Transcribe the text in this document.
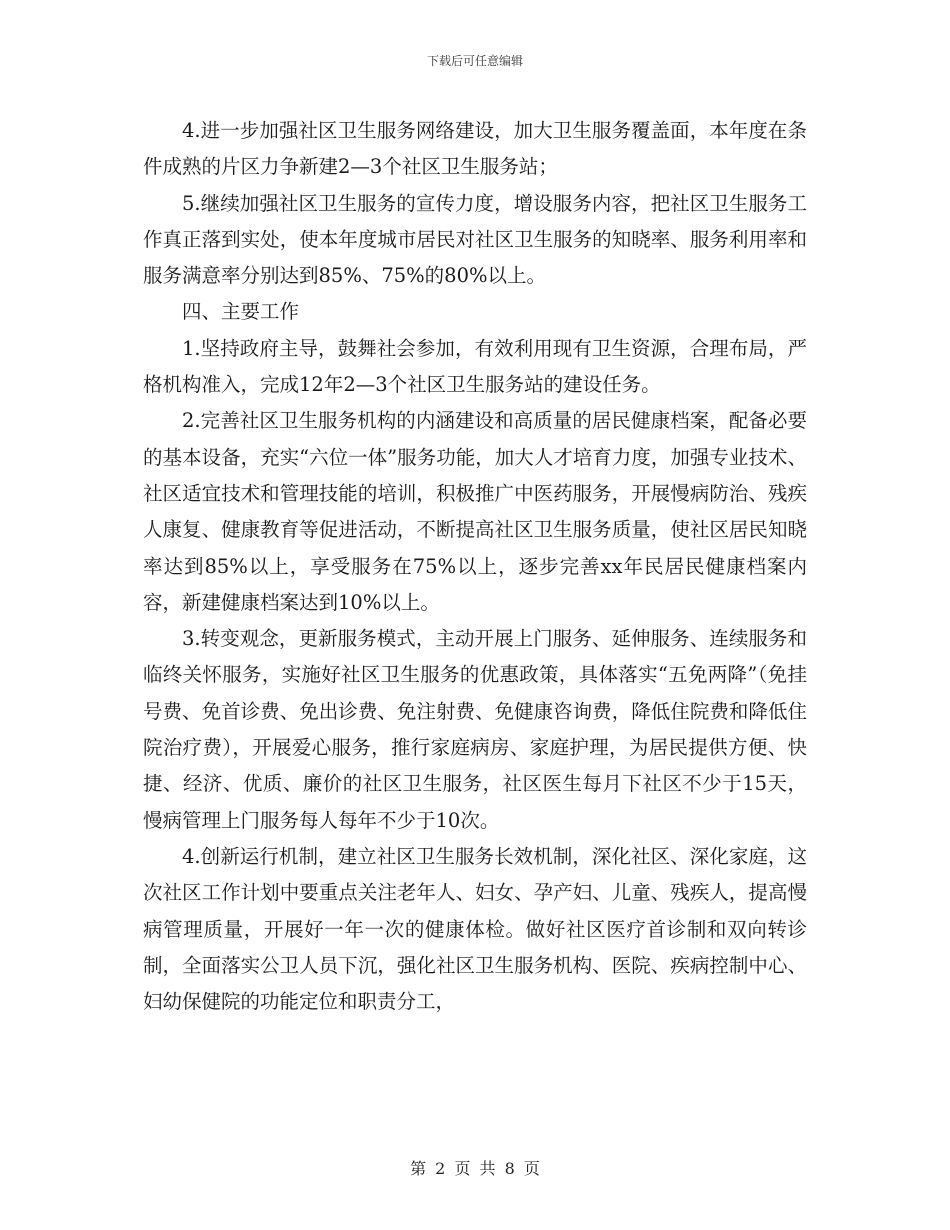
下载后可任意编辑

4.进一步加强社区卫生服务网络建设，加大卫生服务覆盖面，本年度在条件成熟的片区力争新建2—3个社区卫生服务站；

5.继续加强社区卫生服务的宣传力度，增设服务内容，把社区卫生服务工作真正落到实处，使本年度城市居民对社区卫生服务的知晓率、服务利用率和服务满意率分别达到85%、75%的80%以上。

四、主要工作

1.坚持政府主导，鼓舞社会参加，有效利用现有卫生资源，合理布局，严格机构准入，完成12年2—3个社区卫生服务站的建设任务。

2.完善社区卫生服务机构的内涵建设和高质量的居民健康档案，配备必要的基本设备，充实“六位一体”服务功能，加大人才培育力度，加强专业技术、社区适宜技术和管理技能的培训，积极推广中医药服务，开展慢病防治、残疾人康复、健康教育等促进活动，不断提高社区卫生服务质量，使社区居民知晓率达到85%以上，享受服务在75%以上，逐步完善xx年民居民健康档案内容，新建健康档案达到10%以上。

3.转变观念，更新服务模式，主动开展上门服务、延伸服务、连续服务和临终关怀服务，实施好社区卫生服务的优惠政策，具体落实“五免两降”（免挂号费、免首诊费、免出诊费、免注射费、免健康咨询费，降低住院费和降低住院治疗费），开展爱心服务，推行家庭病房、家庭护理，为居民提供方便、快捷、经济、优质、廉价的社区卫生服务，社区医生每月下社区不少于15天，慢病管理上门服务每人每年不少于10次。

4.创新运行机制，建立社区卫生服务长效机制，深化社区、深化家庭，这次社区工作计划中要重点关注老年人、妇女、孕产妇、儿童、残疾人，提高慢病管理质量，开展好一年一次的健康体检。做好社区医疗首诊制和双向转诊制，全面落实公卫人员下沉，强化社区卫生服务机构、医院、疾病控制中心、妇幼保健院的功能定位和职责分工，

第 2 页 共 8 页
